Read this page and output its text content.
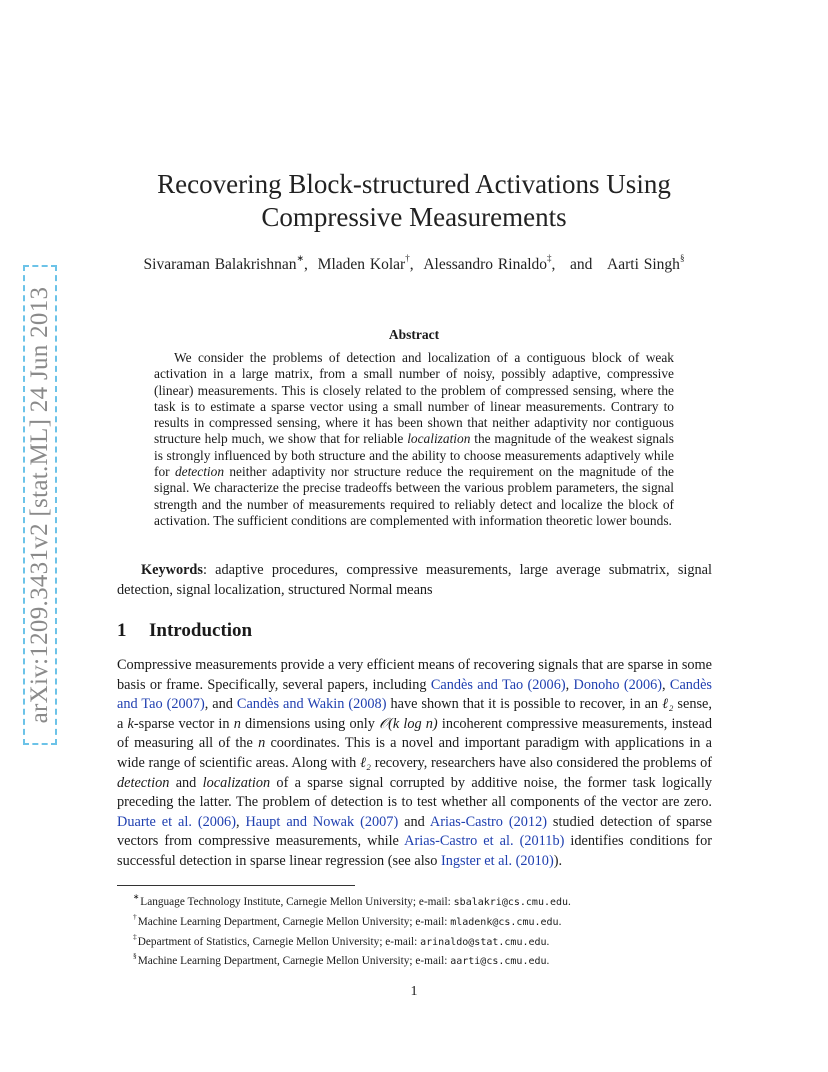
arXiv:1209.3431v2 [stat.ML] 24 Jun 2013
Recovering Block-structured Activations Using
Compressive Measurements
Sivaraman Balakrishnan∗,  Mladen Kolar†,  Alessandro Rinaldo‡,   and Aarti Singh§
Abstract

We consider the problems of detection and localization of a contiguous block of weak activation in a large matrix, from a small number of noisy, possibly adaptive, compressive (linear) measurements. This is closely related to the problem of compressed sensing, where the task is to estimate a sparse vector using a small number of linear measurements. Contrary to results in compressed sensing, where it has been shown that neither adaptivity nor contiguous structure help much, we show that for reliable localization the magnitude of the weakest signals is strongly influenced by both structure and the ability to choose measurements adaptively while for detection neither adaptivity nor structure reduce the requirement on the magnitude of the signal. We characterize the precise tradeoffs between the various problem parameters, the signal strength and the number of measurements required to reliably detect and localize the block of activation. The sufficient conditions are complemented with information theoretic lower bounds.

Keywords: adaptive procedures, compressive measurements, large average submatrix, signal detection, signal localization, structured Normal means

1 Introduction

Compressive measurements provide a very efficient means of recovering signals that are sparse in some basis or frame. Specifically, several papers, including Candès and Tao (2006), Donoho (2006), Candès and Tao (2007), and Candès and Wakin (2008) have shown that it is possible to recover, in an ℓ₂ sense, a k-sparse vector in n dimensions using only 𝒪(k log n) incoherent compressive measurements, instead of measuring all of the n coordinates. This is a novel and important paradigm with applications in a wide range of scientific areas. Along with ℓ₂ recovery, researchers have also considered the problems of detection and localization of a sparse signal corrupted by additive noise, the former task logically preceding the latter. The problem of detection is to test whether all components of the vector are zero. Duarte et al. (2006), Haupt and Nowak (2007) and Arias-Castro (2012) studied detection of sparse vectors from compressive measurements, while Arias-Castro et al. (2011b) identifies conditions for successful detection in sparse linear regression (see also Ingster et al. (2010)).

∗Language Technology Institute, Carnegie Mellon University; e-mail: sbalakri@cs.cmu.edu.
†Machine Learning Department, Carnegie Mellon University; e-mail: mladenk@cs.cmu.edu.
‡Department of Statistics, Carnegie Mellon University; e-mail: arinaldo@stat.cmu.edu.
§Machine Learning Department, Carnegie Mellon University; e-mail: aarti@cs.cmu.edu.
1
